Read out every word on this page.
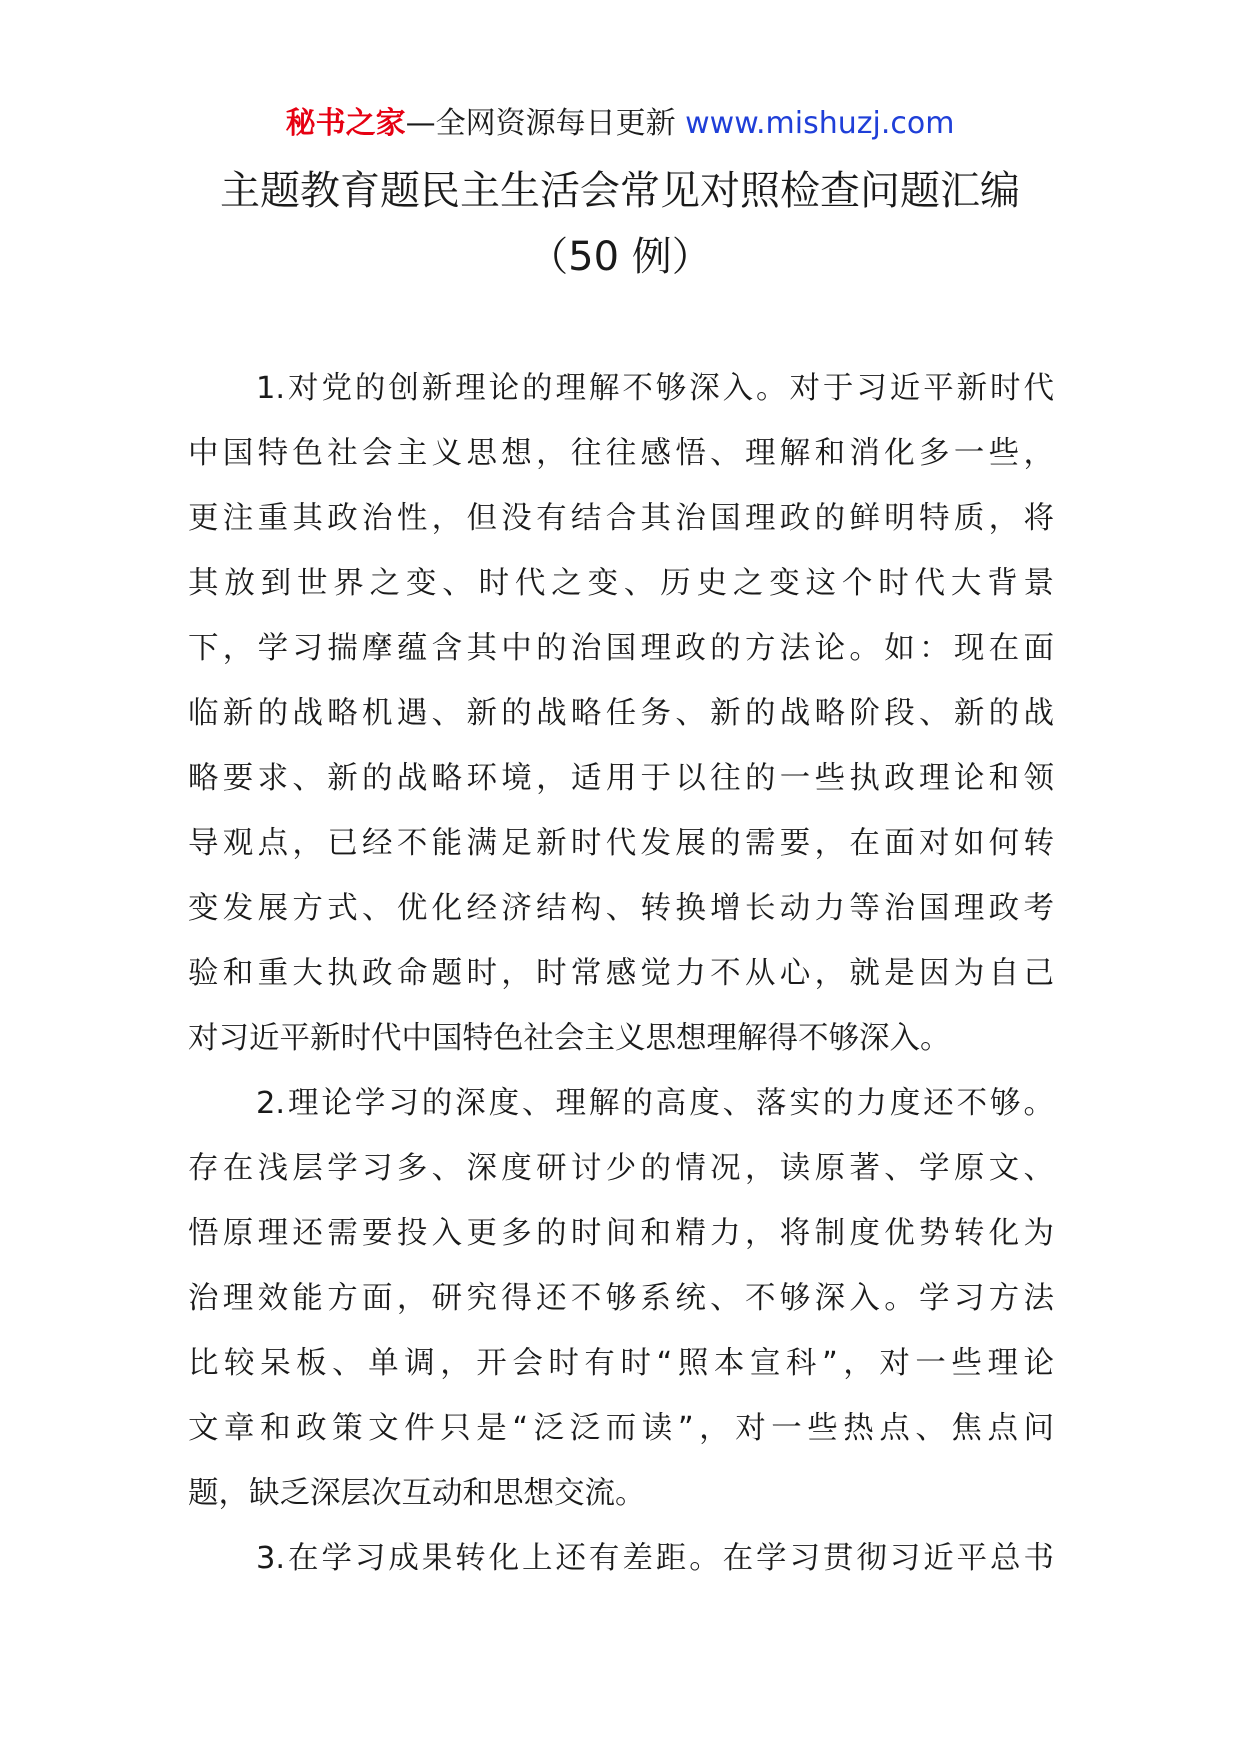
秘书之家—全网资源每日更新 www.mishuzj.com
主题教育题民主生活会常见对照检查问题汇编
（50 例）
1.对党的创新理论的理解不够深入。对于习近平新时代
中国特色社会主义思想，往往感悟、理解和消化多一些，
更注重其政治性，但没有结合其治国理政的鲜明特质，将
其放到世界之变、时代之变、历史之变这个时代大背景
下，学习揣摩蕴含其中的治国理政的方法论。如：现在面
临新的战略机遇、新的战略任务、新的战略阶段、新的战
略要求、新的战略环境，适用于以往的一些执政理论和领
导观点，已经不能满足新时代发展的需要，在面对如何转
变发展方式、优化经济结构、转换增长动力等治国理政考
验和重大执政命题时，时常感觉力不从心，就是因为自己
对习近平新时代中国特色社会主义思想理解得不够深入。
2.理论学习的深度、理解的高度、落实的力度还不够。
存在浅层学习多、深度研讨少的情况，读原著、学原文、
悟原理还需要投入更多的时间和精力，将制度优势转化为
治理效能方面，研究得还不够系统、不够深入。学习方法
比较呆板、单调，开会时有时“照本宣科”，对一些理论
文章和政策文件只是“泛泛而读”，对一些热点、焦点问
题，缺乏深层次互动和思想交流。
3.在学习成果转化上还有差距。在学习贯彻习近平总书
